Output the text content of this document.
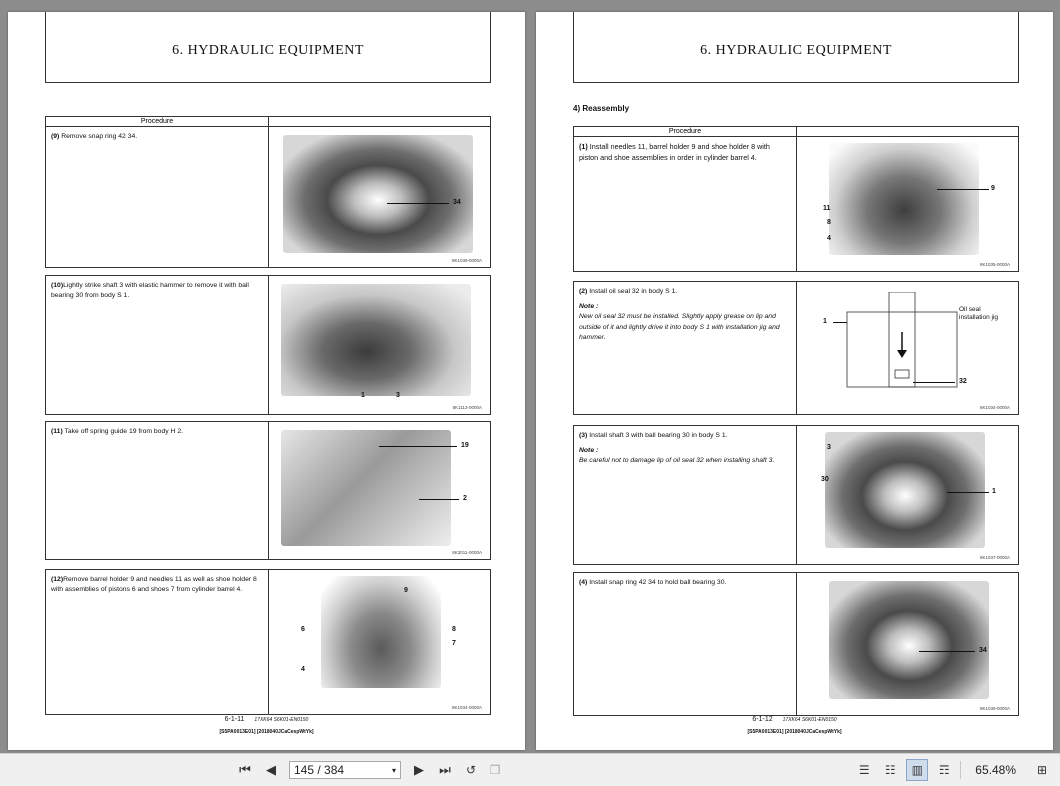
6. HYDRAULIC EQUIPMENT
Procedure
(9) Remove snap ring 42 34.
34
8K1039-0000A
(10)Lightly strike shaft 3 with elastic hammer to remove it with ball bearing 30 from body S 1.
1	3
8K1113-0000A
(11) Take off spring guide 19 from body H 2.
19
2
8K3011-0000A
(12)Remove barrel holder 9 and needles 11 as well as shoe holder 8 with assemblies of pistons 6 and shoes 7 from cylinder barrel 4.	9
6	8
7
4
8K1034-0000A
6-1-11 17XK64 S6K01-EN0150
[S5PA0013E01] [2018040JCaCespWtYk]
6. HYDRAULIC EQUIPMENT
4) Reassembly
Procedure
(1) Install needles 11, barrel holder 9 and shoe holder 8 with piston and shoe assemblies in order in cylinder barrel 4.
9
11
8
4
8K1035-0000A
(2) Install oil seal 32 in body S 1.
Note :
New oil seal 32 must be installed. Slightly apply grease on lip and outside of it and lightly drive it into body S 1 with installation jig and hammer.
1
Oil seal installation jig
32
8K1034-0000A
(3) Install shaft 3 with ball bearing 30 in body S 1.
Note :
Be careful not to damage lip of oil seal 32 when installing shaft 3.
3
30
1
8K1037-0000A
(4) Install snap ring 42 34 to hold ball bearing 30.
34
8K1039-0000A
6-1-12 17XK64 S6K01-EN0150
[S5PA0013E01] [2018040JCaCespWtYk]
⏮	◀	145 / 384	▾	▶	⏭	↺	❐	☰	☷	▥	☶	65.48%	⊞
